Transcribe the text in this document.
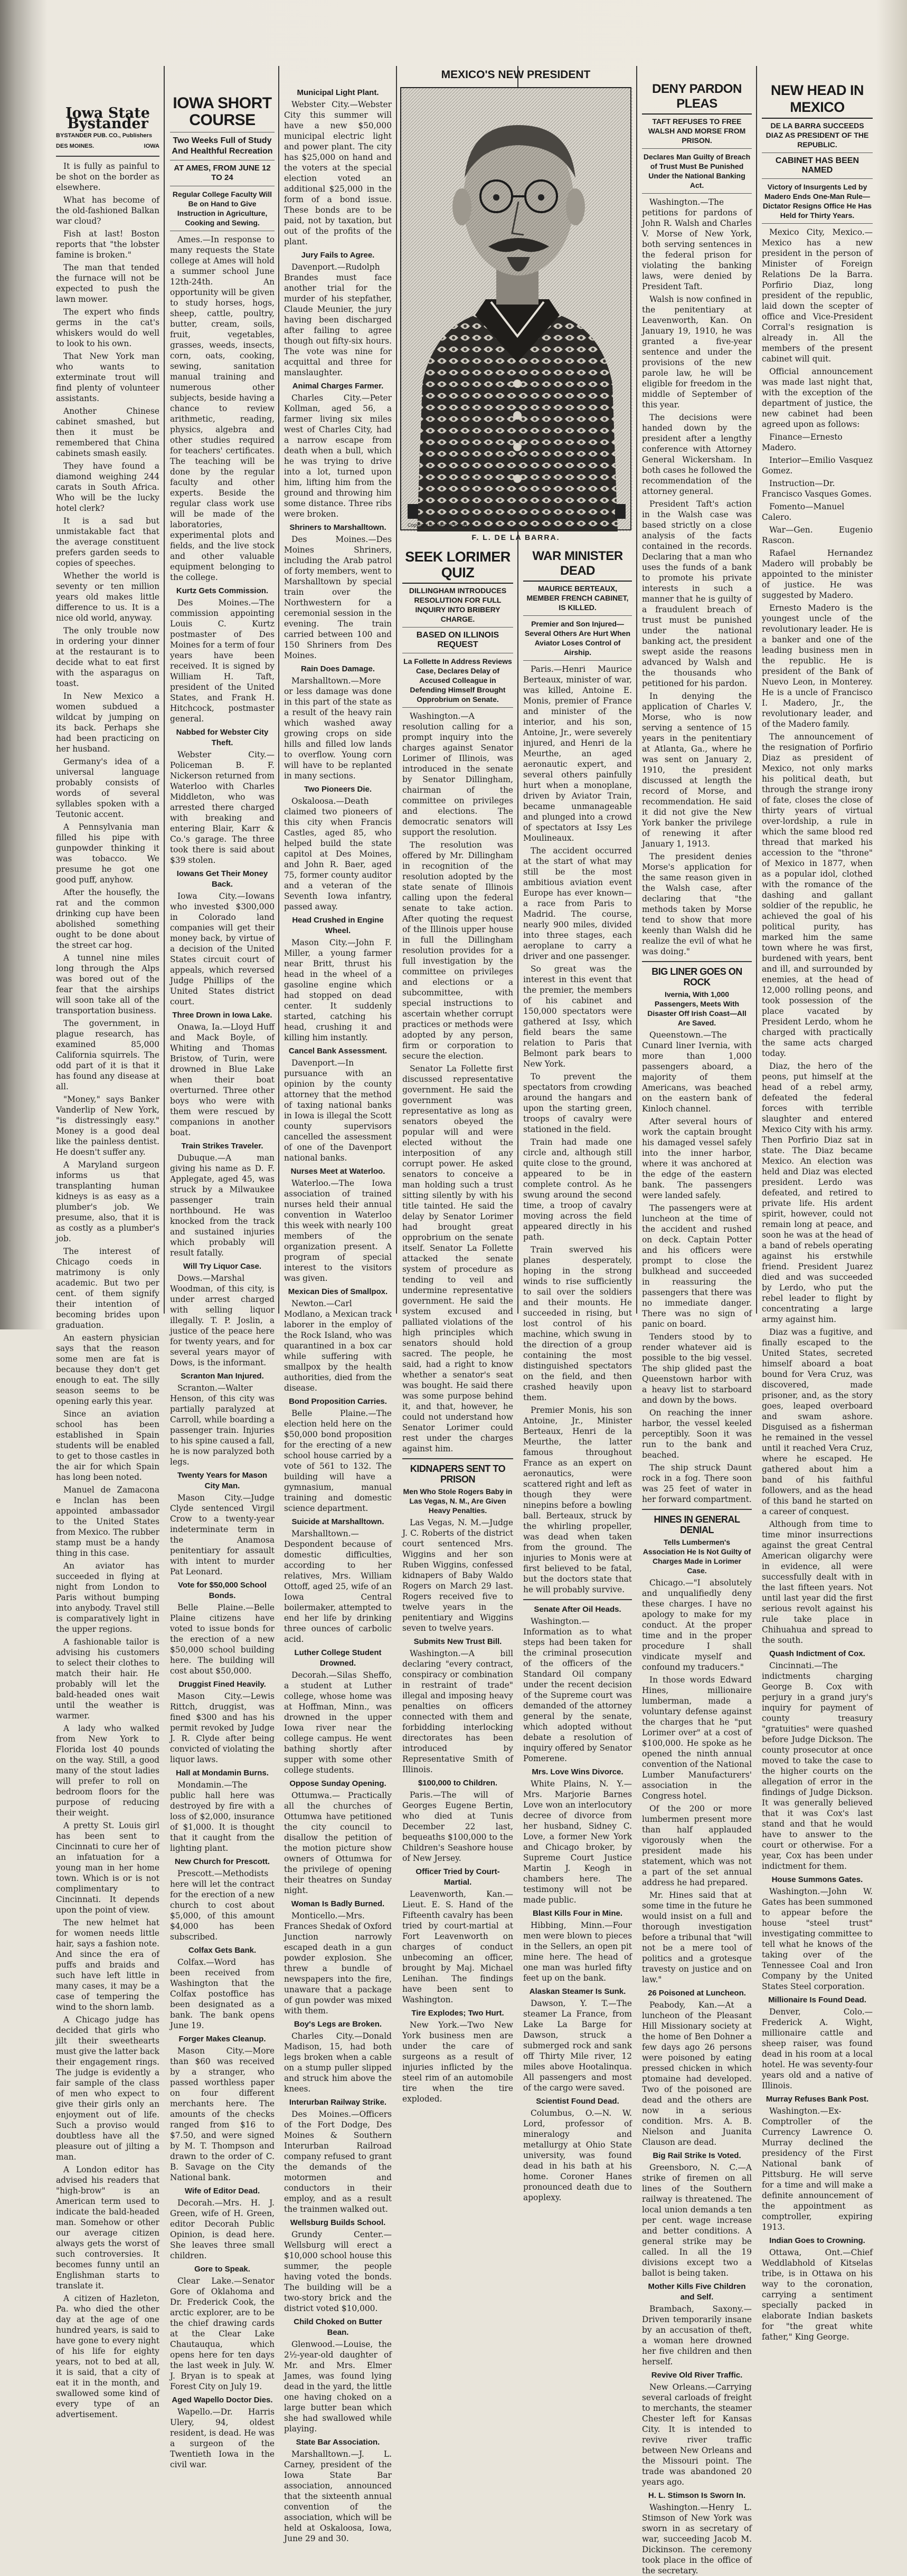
Iowa State Bystander
BYSTANDER PUB. CO., Publishers
DES MOINES.	IOWA

It is fully as painful to be shot on the border as elsewhere.

What has become of the old-fashioned Balkan war cloud?

Fish at last! Boston reports that "the lobster famine is broken."

The man that tended the furnace will not be expected to push the lawn mower.

The expert who finds germs in the cat's whiskers would do well to look to his own.

That New York man who wants to exterminate trout will find plenty of volunteer assistants.

Another Chinese cabinet smashed, but then it must be remembered that China cabinets smash easily.

They have found a diamond weighing 244 carats in South Africa. Who will be the lucky hotel clerk?

It is a sad but unmistakable fact that the average constituent prefers garden seeds to copies of speeches.

Whether the world is seventy or ten million years old makes little difference to us. It is a nice old world, anyway.

The only trouble now in ordering your dinner at the restaurant is to decide what to eat first with the asparagus on toast.

In New Mexico a women subdued a wildcat by jumping on its back. Perhaps she had been practicing on her husband.

Germany's idea of a universal language probably consists of words of several syllables spoken with a Teutonic accent.

A Pennsylvania man filled his pipe with gunpowder thinking it was tobacco. We presume he got one good puff, anyhow.

After the housefly, the rat and the common drinking cup have been abolished something ought to be done about the street car hog.

A tunnel nine miles long through the Alps was bored out of the fear that the airships will soon take all of the transportation business.

The government, in plague research, has examined 85,000 California squirrels. The odd part of it is that it has found any disease at all.

"Money," says Banker Vanderlip of New York, "is distressingly easy." Money is a good deal like the painless dentist. He doesn't suffer any.

A Maryland surgeon informs us that transplanting human kidneys is as easy as a plumber's job. We presume, also, that it is as costly as a plumber's job.

The interest of Chicago coeds in matrimony is only academic. But two per cent. of them signify their intention of becoming brides upon graduation.

An eastern physician says that the reason some men are fat is because they don't get enough to eat. The silly season seems to be opening early this year.

Since an aviation school has been established in Spain students will be enabled to get to those castles in the air for which Spain has long been noted.

Manuel de Zamacona e Inclan has been appointed ambassador to the United States from Mexico. The rubber stamp must be a handy thing in this case.

An aviator has succeeded in flying at night from London to Paris without bumping into anybody. Travel still is comparatively light in the upper regions.

A fashionable tailor is advising his customers to select their clothes to match their hair. He probably will let the bald-headed ones wait until the weather is warmer.

A lady who walked from New York to Florida lost 40 pounds on the way. Still, a good many of the stout ladies will prefer to roll on bedroom floors for the purpose of reducing their weight.

A pretty St. Louis girl has been sent to Cincinnati to cure her of an infatuation for a young man in her home town. Which is or is not complimentary to Cincinnati. It depends upon the point of view.

The new helmet hat for women needs little hair, says a fashion note. And since the era of puffs and braids and such have left little in many cases, it may be a case of tempering the wind to the shorn lamb.

A Chicago judge has decided that girls who jilt their sweethearts must give the latter back their engagement rings. The judge is evidently a fair sample of the class of men who expect to give their girls only an enjoyment out of life. Such a proviso would doubtless have all the pleasure out of jilting a man.

A London editor has advised his readers that "high-brow" is an American term used to indicate the bald-headed man. Somehow or other our average citizen always gets the worst of such controversies. It becomes funny until an Englishman starts to translate it.

A citizen of Hazleton, Pa. who died the other day at the age of one hundred years, is said to have gone to every night of his life for eighty years, not to bed at all, it is said, that a city of eat it in the month, and swallowed some kind of every type of an advertisement.

IOWA SHORT COURSE
Two Weeks Full of Study And Healthful Recreation
AT AMES, FROM JUNE 12 TO 24
Regular College Faculty Will Be on Hand to Give Instruction in Agriculture, Cooking and Sewing.

Ames.—In response to many requests the State college at Ames will hold a summer school June 12th-24th. An opportunity will be given to study horses, hogs, sheep, cattle, poultry, butter, cream, soils, fruit, vegetables, grasses, weeds, insects, corn, oats, cooking, sewing, sanitation manual training and numerous other subjects, beside having a chance to review arithmetic, reading, physics, algebra and other studies required for teachers' certificates. The teaching will be done by the regular faculty and other experts. Beside the regular class work use will be made of the laboratories, experimental plots and fields, and the live stock and other valuable equipment belonging to the college.

Kurtz Gets Commission.

Des Moines.—The commission appointing Louis C. Kurtz postmaster of Des Moines for a term of four years have been received. It is signed by William H. Taft, president of the United States, and Frank H. Hitchcock, postmaster general.

Nabbed for Webster City Theft.

Webster City.—Policeman B. F. Nickerson returned from Waterloo with Charles Middleton, who was arrested there charged with breaking and entering Blair, Karr & Co.'s garage. The three took there is said about $39 stolen.

Iowans Get Their Money Back.

Iowa City.—Iowans who invested $300,000 in Colorado land companies will get their money back, by virtue of a decision of the United States circuit court of appeals, which reversed Judge Phillips of the United States district court.

Three Drown in Iowa Lake.

Onawa, Ia.—Lloyd Huff and Mack Boyle, of Whiting and Thomas Bristow, of Turin, were drowned in Blue Lake when their boat overturned. Three other boys who were with them were rescued by companions in another boat.

Train Strikes Traveler.

Dubuque.—A man giving his name as D. F. Applegate, aged 45, was struck by a Milwaukee passenger train northbound. He was knocked from the track and sustained injuries which probably will result fatally.

Will Try Liquor Case.

Dows.—Marshal Woodman, of this city, is under arrest charged with selling liquor illegally. T. P. Joslin, a justice of the peace here for twenty years, and for several years mayor of Dows, is the informant.

Scranton Man Injured.

Scranton.—Walter Henson, of this city was partially paralyzed at Carroll, while boarding a passenger train. Injuries to his spine caused a fall, he is now paralyzed both legs.

Twenty Years for Mason City Man.

Mason City.—Judge Clyde sentenced Virgil Crow to a twenty-year indeterminate term in the Anamosa penitentiary for assault with intent to murder Pat Leonard.

Vote for $50,000 School Bonds.

Belle Plaine.—Belle Plaine citizens have voted to issue bonds for the erection of a new $50,000 school building here. The building will cost about $50,000.

Druggist Fined Heavily.

Mason City.—Lewis Rittch, druggist, was fined $300 and has his permit revoked by Judge J. R. Clyde after being convicted of violating the liquor laws.

Hall at Mondamin Burns.

Mondamin.—The public hall here was destroyed by fire with a loss of $2,000, insurance of $1,000. It is thought that it caught from the lighting plant.

New Church for Prescott.

Prescott.—Methodists here will let the contract for the erection of a new church to cost about $5,000, of this amount $4,000 has been subscribed.

Colfax Gets Bank.

Colfax.—Word has been received from Washington that the Colfax postoffice has been designated as a bank. The bank opens June 19.

Forger Makes Cleanup.

Mason City.—More than $60 was received by a stranger, who passed worthless paper on four different merchants here. The amounts of the checks ranged from $16 to $7.50, and were signed by M. T. Thompson and drawn to the order of C. B. Savage on the City National bank.

Wife of Editor Dead.

Decorah.—Mrs. H. J. Green, wife of H. Green, editor Decorah Public Opinion, is dead here. She leaves three small children.

Gore to Speak.

Clear Lake.—Senator Gore of Oklahoma and Dr. Frederick Cook, the arctic explorer, are to be the chief drawing cards at the Clear Lake Chautauqua, which opens here for ten days the last week in July. W. J. Bryan is to speak at Forest City on July 19.

Aged Wapello Doctor Dies.

Wapello.—Dr. Harris Ulery, 94, oldest resident, is dead. He was a surgeon of the Twentieth Iowa in the civil war.

Municipal Light Plant.

Webster City.—Webster City this summer will have a new $50,000 municipal electric light and power plant. The city has $25,000 on hand and the voters at the special election voted an additional $25,000 in the form of a bond issue. These bonds are to be paid, not by taxation, but out of the profits of the plant.

Jury Fails to Agree.

Davenport.—Rudolph Brandes must face another trial for the murder of his stepfather, Claude Meunier, the jury having been discharged after failing to agree though out fifty-six hours. The vote was nine for acquittal and three for manslaughter.

Animal Charges Farmer.

Charles City.—Peter Kollman, aged 56, a farmer living six miles west of Charles City, had a narrow escape from death when a bull, which he was trying to drive into a lot, turned upon him, lifting him from the ground and throwing him some distance. Three ribs were broken.

Shriners to Marshalltown.

Des Moines.—Des Moines Shriners, including the Arab patrol of forty members, went to Marshalltown by special train over the Northwestern for a ceremonial session in the evening. The train carried between 100 and 150 Shriners from Des Moines.

Rain Does Damage.

Marshalltown.—More or less damage was done in this part of the state as a result of the heavy rain which washed away growing crops on side hills and filled low lands to overflow. Young corn will have to be replanted in many sections.

Two Pioneers Die.

Oskaloosa.—Death claimed two pioneers of this city when Francis Castles, aged 85, who helped build the state capitol at Des Moines, and John R. Baer, aged 75, former county auditor and a veteran of the Seventh Iowa infantry, passed away.

Head Crushed in Engine Wheel.

Mason City.—John F. Miller, a young farmer near Britt, thrust his head in the wheel of a gasoline engine which had stopped on dead center. It suddenly started, catching his head, crushing it and killing him instantly.

Cancel Bank Assessment.

Davenport.—In pursuance with an opinion by the county attorney that the method of taxing national banks in Iowa is illegal the Scott county supervisors cancelled the assessment of one of the Davenport national banks.

Nurses Meet at Waterloo.

Waterloo.—The Iowa association of trained nurses held their annual convention in Waterloo this week with nearly 100 members of the organization present. A program of special interest to the visitors was given.

Mexican Dies of Smallpox.

Newton.—Carl Modlano, a Mexican track laborer in the employ of the Rock Island, who was quarantined in a box car while suffering with smallpox by the health authorities, died from the disease.

Bond Proposition Carries.

Belle Plaine.—The election held here on the $50,000 bond proposition for the erecting of a new school house carried by a vote of 561 to 132. The building will have a gymnasium, manual training and domestic science department.

Suicide at Marshalltown.

Marshalltown.—Despondent because of domestic difficulties, according to her relatives, Mrs. William Ottoff, aged 25, wife of an Iowa Central boilermaker, attempted to end her life by drinking three ounces of carbolic acid.

Luther College Student Drowned.

Decorah.—Silas Sheffo, a student at Luther college, whose home was at Hoffman, Minn., was drowned in the upper Iowa river near the college campus. He went bathing shortly after supper with some other college students.

Oppose Sunday Opening.

Ottumwa.— Practically all the churches of Ottumwa have petitioned the city council to disallow the petition of the motion picture show owners of Ottumwa for the privilege of opening their theatres on Sunday night.

Woman Is Badly Burned.

Monticello.—Mrs. Frances Shedak of Oxford Junction narrowly escaped death in a gun powder explosion. She threw a bundle of newspapers into the fire, unaware that a package of gun powder was mixed with them.

Boy's Legs are Broken.

Charles City.—Donald Madison, 15, had both legs broken when a cable on a stump puller slipped and struck him above the knees.

Interurban Railway Strike.

Des Moines.—Officers of the Fort Dodge, Des Moines & Southern Interurban Railroad company refused to grant the demands of the motormen and conductors in their employ, and as a result the trainmen walked out.

Wellsburg Builds School.

Grundy Center.—Wellsburg will erect a $10,000 school house this summer, the people having voted the bonds. The building will be a two-story brick and the district voted $10,000.

Child Choked on Butter Bean.

Glenwood.—Louise, the 2½-year-old daughter of Mr. and Mrs. Elmer James, was found lying dead in the yard, the little one having choked on a large butter bean which she had swallowed while playing.

State Bar Association.

Marshalltown.—J. L. Carney, president of the Iowa State Bar association, announced that the sixteenth annual convention of the association, which will be held at Oskaloosa, Iowa, June 29 and 30.

MEXICO'S NEW PRESIDENT
Copyright by Harris & Ewing
F. L. DE LA BARRA.
SEEK LORIMER QUIZ
DILLINGHAM INTRODUCES RESOLUTION FOR FULL INQUIRY INTO BRIBERY CHARGE.
BASED ON ILLINOIS REQUEST
La Follette In Address Reviews Case, Declares Delay of Accused Colleague in Defending Himself Brought Opprobrium on Senate.

Washington.—A resolution calling for a prompt inquiry into the charges against Senator Lorimer of Illinois, was introduced in the senate by Senator Dillingham, chairman of the committee on privileges and elections. The democratic senators will support the resolution.

The resolution was offered by Mr. Dillingham in recognition of the resolution adopted by the state senate of Illinois calling upon the federal senate to take action. After quoting the request of the Illinois upper house in full the Dillingham resolution provides for a full investigation by the committee on privileges and elections or a subcommittee, with special instructions to ascertain whether corrupt practices or methods were adopted by any person, firm or corporation to secure the election.

Senator La Follette first discussed representative government. He said the government was representative as long as senators obeyed the popular will and were elected without the interposition of any corrupt power. He asked senators to conceive a man holding such a trust sitting silently by with his title tainted. He said the delay by Senator Lorimer had brought great opprobrium on the senate itself. Senator La Follette attacked the senate system of procedure as tending to veil and undermine representative government. He said the system excused and palliated violations of the high principles which senators should hold sacred. The people, he said, had a right to know whether a senator's seat was bought. He said there was some purpose behind it, and that, however, he could not understand how Senator Lorimer could rest under the charges against him.

KIDNAPERS SENT TO PRISON
Men Who Stole Rogers Baby in Las Vegas, N. M., Are Given Heavy Penalties.

Las Vegas, N. M.—Judge J. C. Roberts of the district court sentenced Mrs. Wiggins and her son Ruben Wiggins, confessed kidnapers of Baby Waldo Rogers on March 29 last. Rogers received five to twelve years in the penitentiary and Wiggins seven to twelve years.

Submits New Trust Bill.

Washington.—A bill declaring "every contract, conspiracy or combination in restraint of trade" illegal and imposing heavy penalties on officers connected with them and forbidding interlocking directorates has been introduced by Representative Smith of Illinois.

$100,000 to Children.

Paris.—The will of Georges Eugene Bertin, who died at Tunis December 22 last, bequeaths $100,000 to the Children's Seashore house of New Jersey.

Officer Tried by Court-Martial.

Leavenworth, Kan.—Lieut. E. S. Hand of the Fifteenth cavalry has been tried by court-martial at Fort Leavenworth on charges of conduct unbecoming an officer, brought by Maj. Michael Lenihan. The findings have been sent to Washington.

Tire Explodes; Two Hurt.

New York.—Two New York business men are under the care of surgeons as a result of injuries inflicted by the steel rim of an automobile tire when the tire exploded.

WAR MINISTER DEAD
MAURICE BERTEAUX, MEMBER FRENCH CABINET, IS KILLED.
Premier and Son Injured—Several Others Are Hurt When Aviator Loses Control of Airship.

Paris.—Henri Maurice Berteaux, minister of war, was killed, Antoine E. Monis, premier of France and minister of the interior, and his son, Antoine, Jr., were severely injured, and Henri de la Meurthe, an aged aeronautic expert, and several others painfully hurt when a monoplane, driven by Aviator Train, became unmanageable and plunged into a crowd of spectators at Issy Les Moulineaux.

The accident occurred at the start of what may still be the most ambitious aviation event Europe has ever known—a race from Paris to Madrid. The course, nearly 900 miles, divided into three stages, each aeroplane to carry a driver and one passenger.

So great was the interest in this event that the premier, the members of his cabinet and 150,000 spectators were gathered at Issy, which field bears the same relation to Paris that Belmont park bears to New York.

To prevent the spectators from crowding around the hangars and upon the starting green, troops of cavalry were stationed in the field.

Train had made one circle and, although still quite close to the ground, appeared to be in complete control. As he swung around the second time, a troop of cavalry moving across the field appeared directly in his path.

Train swerved his planes desperately, hoping in the strong winds to rise sufficiently to sail over the soldiers and their mounts. He succeeded in rising, but lost control of his machine, which swung in the direction of a group containing the most distinguished spectators on the field, and then crashed heavily upon them.

Premier Monis, his son Antoine, Jr., Minister Berteaux, Henri de la Meurthe, the latter famous throughout France as an expert on aeronautics, were scattered right and left as though they were ninepins before a bowling ball. Berteaux, struck by the whirling propeller, was dead when taken from the ground. The injuries to Monis were at first believed to be fatal, but the doctors state that he will probably survive.

Senate After Oil Heads.

Washington.—Information as to what steps had been taken for the criminal prosecution of the officers of the Standard Oil company under the recent decision of the Supreme court was demanded of the attorney general by the senate, which adopted without debate a resolution of inquiry offered by Senator Pomerene.

Mrs. Love Wins Divorce.

White Plains, N. Y.—Mrs. Marjorie Barnes Love won an interlocutory decree of divorce from her husband, Sidney C. Love, a former New York and Chicago broker, by Supreme Court Justice Martin J. Keogh in chambers here. The testimony will not be made public.

Blast Kills Four in Mine.

Hibbing, Minn.—Four men were blown to pieces in the Sellers, an open pit mine here. The head of one man was hurled fifty feet up on the bank.

Alaskan Steamer Is Sunk.

Dawson, Y. T.—The steamer La France, from Lake La Barge for Dawson, struck a submerged rock and sank off Thirty Mile river, 12 miles above Hootalinqua. All passengers and most of the cargo were saved.

Scientist Found Dead.

Columbus, O.—N. W. Lord, professor of mineralogy and metallurgy at Ohio State university, was found dead in his bath at his home. Coroner Hanes pronounced death due to apoplexy.

DENY PARDON PLEAS
TAFT REFUSES TO FREE WALSH AND MORSE FROM PRISON.
Declares Man Guilty of Breach of Trust Must Be Punished Under the National Banking Act.

Washington.—The petitions for pardons of John R. Walsh and Charles V. Morse of New York, both serving sentences in the federal prison for violating the banking laws, were denied by President Taft.

Walsh is now confined in the penitentiary at Leavenworth, Kan. On January 19, 1910, he was granted a five-year sentence and under the provisions of the new parole law, he will be eligible for freedom in the middle of September of this year.

The decisions were handed down by the president after a lengthy conference with Attorney General Wickersham. In both cases he followed the recommendation of the attorney general.

President Taft's action in the Walsh case was based strictly on a close analysis of the facts contained in the records. Declaring that a man who uses the funds of a bank to promote his private interests in such a manner that he is guilty of a fraudulent breach of trust must be punished under the national banking act, the president swept aside the reasons advanced by Walsh and the thousands who petitioned for his pardon.

In denying the application of Charles V. Morse, who is now serving a sentence of 15 years in the penitentiary at Atlanta, Ga., where he was sent on January 2, 1910, the president discussed at length the record of Morse, and recommendation. He said it did not give the New York banker the privilege of renewing it after January 1, 1913.

The president denies Morse's application for the same reason given in the Walsh case, after declaring that "the methods taken by Morse tend to show that more keenly than Walsh did he realize the evil of what he was doing."

BIG LINER GOES ON ROCK
Ivernia, With 1,000 Passengers, Meets With Disaster Off Irish Coast—All Are Saved.

Queenstown.—The Cunard liner Ivernia, with more than 1,000 passengers aboard, a majority of them Americans, was beached on the eastern bank of Kinloch channel.

After several hours of work the captain brought his damaged vessel safely into the inner harbor, where it was anchored at the edge of the eastern bank. The passengers were landed safely.

The passengers were at luncheon at the time of the accident and rushed on deck. Captain Potter and his officers were prompt to close the bulkhead and succeeded in reassuring the passengers that there was no immediate danger. There was no sign of panic on board.

Tenders stood by to render whatever aid is possible to the big vessel. The ship glided past the Queenstown harbor with a heavy list to starboard and down by the bows.

On reaching the inner harbor, the vessel keeled perceptibly. Soon it was run to the bank and beached.

The ship struck Daunt rock in a fog. There soon was 25 feet of water in her forward compartment.

HINES IN GENERAL DENIAL
Tells Lumbermen's Association He Is Not Guilty of Charges Made in Lorimer Case.

Chicago.—"I absolutely and unqualifiedly deny these charges. I have no apology to make for my conduct. At the proper time and in the proper procedure I shall vindicate myself and confound my traducers."

In those words Edward Hines, millionaire lumberman, made a voluntary defense against the charges that he "put Lorimer over" at a cost of $100,000. He spoke as he opened the ninth annual convention of the National Lumber Manufacturers' association in the Congress hotel.

Of the 200 or more lumbermen present more than half applauded vigorously when the president made his statement, which was not a part of the set annual address he had prepared.

Mr. Hines said that at some time in the future he would insist on a full and thorough investigation before a tribunal that "will not be a mere tool of politics and a grotesque travesty on justice and on law."

26 Poisoned at Luncheon.

Peabody, Kan.—At a luncheon of the Pleasant Hill Missionary society at the home of Ben Dohner a few days ago 26 persons were poisoned by eating pressed chicken in which ptomaine had developed. Two of the poisoned are dead and the others are now in a serious condition. Mrs. A. B. Nielson and Juanita Clauson are dead.

Big Rail Strike Is Voted.

Greensboro, N. C.—A strike of firemen on all lines of the Southern railway is threatened. The local union demands a ten per cent. wage increase and better conditions. A general strike may be called. In all the 19 divisions except two a ballot is being taken.

Mother Kills Five Children and Self.

Brambach, Saxony.—Driven temporarily insane by an accusation of theft, a woman here drowned her five children and then herself.

Revive Old River Traffic.

New Orleans.—Carrying several carloads of freight to merchants, the steamer Chester left for Kansas City. It is intended to revive river traffic between New Orleans and the Missouri point. The trade was abandoned 20 years ago.

H. L. Stimson Is Sworn In.

Washington.—Henry L. Stimson of New York was sworn in as secretary of war, succeeding Jacob M. Dickinson. The ceremony took place in the office of the secretary.

NEW HEAD IN MEXICO
DE LA BARRA SUCCEEDS DIAZ AS PRESIDENT OF THE REPUBLIC.
CABINET HAS BEEN NAMED
Victory of Insurgents Led by Madero Ends One-Man Rule—Dictator Resigns Office He Has Held for Thirty Years.

Mexico City, Mexico.—Mexico has a new president in the person of Minister of Foreign Relations De la Barra. Porfirio Diaz, long president of the republic, laid down the scepter of office and Vice-President Corral's resignation is already in. All the members of the present cabinet will quit.

Official announcement was made last night that, with the exception of the department of justice, the new cabinet had been agreed upon as follows:

Finance—Ernesto Madero.

Interior—Emilio Vasquez Gomez.

Instruction—Dr. Francisco Vasques Gomes.

Fomento—Manuel Calero.

War—Gen. Eugenio Rascon.

Rafael Hernandez Madero will probably be appointed to the minister of justice. He was suggested by Madero.

Ernesto Madero is the youngest uncle of the revolutionary leader. He is a banker and one of the leading business men in the republic. He is president of the Bank of Nuevo Leon, in Monterey. He is a uncle of Francisco I. Madero, Jr., the revolutionary leader, and of the Madero family.

The announcement of the resignation of Porfirio Diaz as president of Mexico, not only marks his political death, but through the strange irony of fate, closes the close of thirty years of virtual over-lordship, a rule in which the same blood red thread that marked his accession to the "throne" of Mexico in 1877, when as a popular idol, clothed with the romance of the dashing and gallant soldier of the republic, he achieved the goal of his political purity, has marked him the same town where he was first, burdened with years, bent and ill, and surrounded by enemies, at the head of 12,000 rolling peons, and took possession of the place vacated by President Lerdo, whom he charged with practically the same acts charged today.

Diaz, the hero of the peons, put himself at the head of a rebel army, defeated the federal forces with terrible slaughter and entered Mexico City with his army. Then Porfirio Diaz sat in state. The Diaz became Mexico. An election was held and Diaz was elected president. Lerdo was defeated, and retired to private life. His ardent spirit, however, could not remain long at peace, and soon he was at the head of a band of rebels operating against his erstwhile friend. President Juarez died and was succeeded by Lerdo, who put the rebel leader to flight by concentrating a large army against him.

Diaz was a fugitive, and finally escaped to the United States, secreted himself aboard a boat bound for Vera Cruz, was discovered, made prisoner, and, as the story goes, leaped overboard and swam ashore. Disguised as a fisherman he remained in the vessel until it reached Vera Cruz, where he escaped. He gathered about him a band of his faithful followers, and as the head of this band he started on a career of conquest.

Although from time to time minor insurrections against the great Central American oligarchy were in evidence, all were successfully dealt with in the last fifteen years. Not until last year did the first serious revolt against his rule take place in Chihuahua and spread to the south.

Quash Indictment of Cox.

Cincinnati.—The indictments charging George B. Cox with perjury in a grand jury's inquiry for payment of county treasury "gratuities" were quashed before Judge Dickson. The county prosecutor at once moved to take the case to the higher courts on the allegation of error in the findings of Judge Dickson. It was generally believed that it was Cox's last stand and that he would have to answer to the court or otherwise. For a year, Cox has been under indictment for them.

House Summons Gates.

Washington.—John W. Gates has been summoned to appear before the house "steel trust" investigating committee to tell what he knows of the taking over of the Tennessee Coal and Iron Company by the United States Steel corporation.

Millionaire Is Found Dead.

Denver, Colo.—Frederick A. Wight, millionaire cattle and sheep raiser, was found dead in his room at a local hotel. He was seventy-four years old and a native of Illinois.

Murray Refuses Bank Post.

Washington.—Ex-Comptroller of the Currency Lawrence O. Murray declined the presidency of the First National bank of Pittsburg. He will serve for a time and will make a definite announcement of the appointment as comptroller, expiring 1913.

Indian Goes to Crowning.

Ottawa, Ont.—Chief Weddlabhold of Kitselas tribe, is in Ottawa on his way to the coronation, carrying a sentiment specially packed in elaborate Indian baskets for "the great white father," King George.
